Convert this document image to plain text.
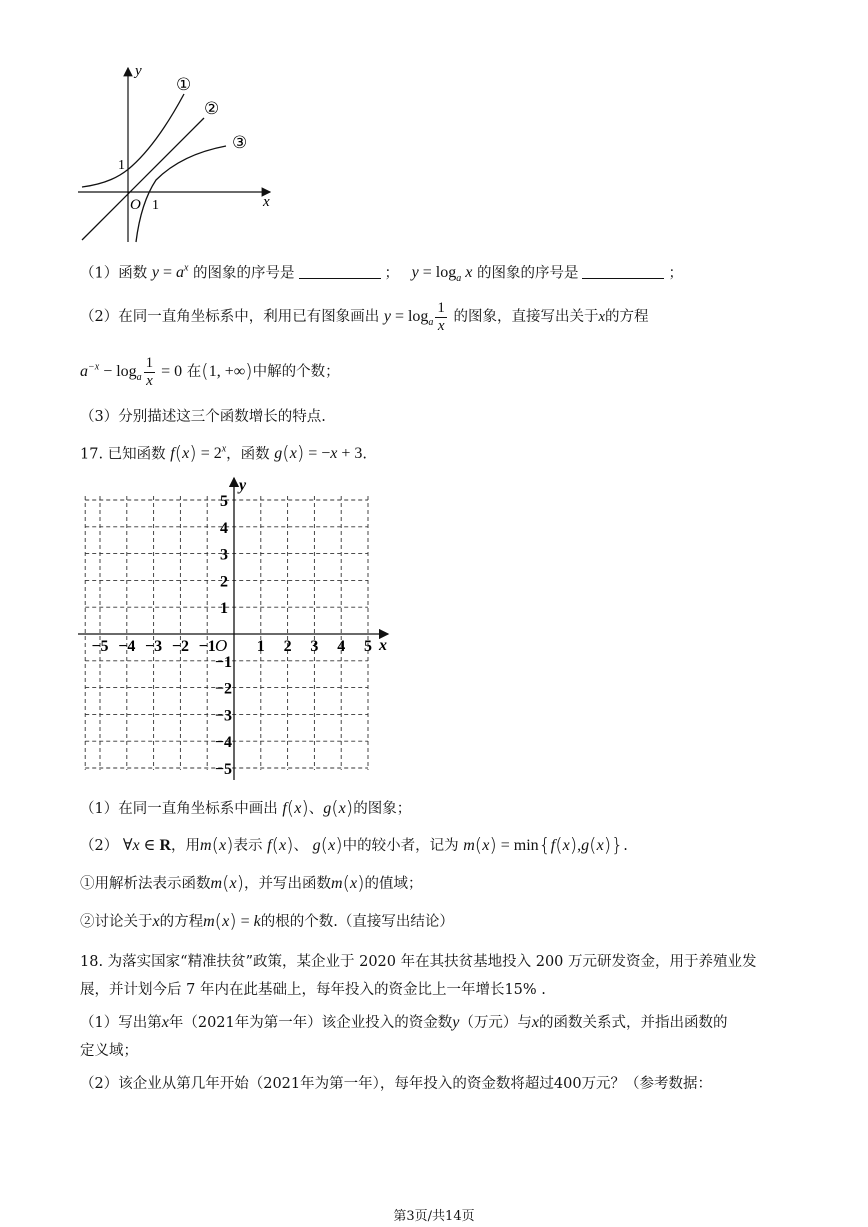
y
x
O
1
1
①
②
③
（1）函数 $y = a^x$ 的图象的序号是	； $y = \log_a x$ 的图象的序号是	；
（2）在同一直角坐标系中，利用已有图象画出 $y = \log_a \frac{1}{x}$ 的图象，直接写出关于x的方程
$a^{-x} - \log_a \frac{1}{x} = 0$ 在(1, +∞)中解的个数；
（3）分别描述这三个函数增长的特点.
17. 已知函数 $f(x) = 2^x$，函数 g(x) = −x + 3.
1 2 3 4 5
−5 −4 −3 −2 −1
5
4
3
2
1
−1
−2
−3
−4
−5
x
y
O
（1）在同一直角坐标系中画出 f(x)、g(x)的图象；
（2） ∀x ∈ R，用m(x)表示 f(x)、 g(x)中的较小者，记为 m(x) = min{f(x),g(x)}.
①用解析法表示函数m(x)，并写出函数m(x)的值域；
②讨论关于x的方程m(x) = k的根的个数.（直接写出结论）
18. 为落实国家“精准扶贫”政策，某企业于 2020 年在其扶贫基地投入 200 万元研发资金，用于养殖业发
展，并计划今后 7 年内在此基础上，每年投入的资金比上一年增长15% .
（1）写出第x年（2021年为第一年）该企业投入的资金数y（万元）与x的函数关系式，并指出函数的
定义域；
（2）该企业从第几年开始（2021年为第一年），每年投入的资金数将超过400万元？（参考数据：
第3页/共14页
